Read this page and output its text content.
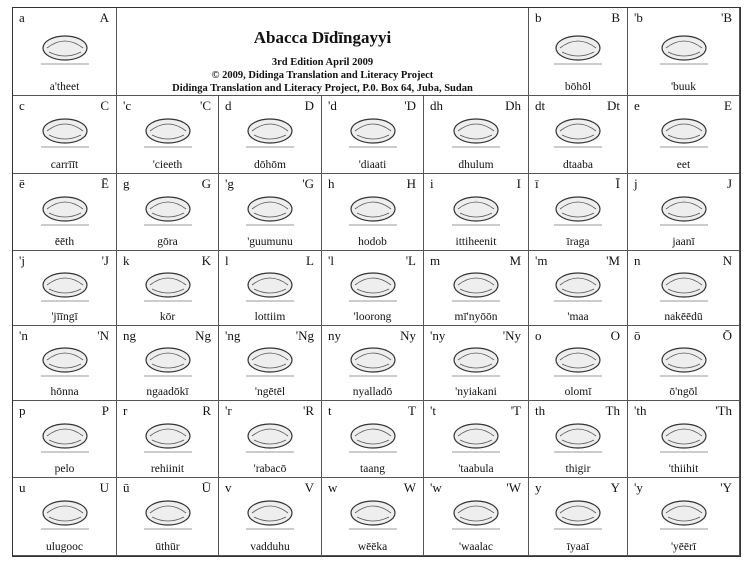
a	A
a'theet
Abacca Dīdīngayyi
3rd Edition April 2009
© 2009, Didinga Translation and Literacy Project
Didinga Translation and Literacy Project, P.0. Box 64, Juba, Sudan
b	B
bōhōl
'b	'B
'buuk
c	C
carrīīt
'c	'C
'cieeth
d	D
dōhōm
'd	'D
'diaati
dh	Dh
dhulum
dt	Dt
dtaaba
e	E
eet
ē	Ē
ēēth
g	G
gōra
'g	'G
'guumunu
h	H
hodob
i	I
ittiheenit
ī	Ī
īraga
j	J
jaanī
'j	'J
'jīīngī
k	K
kōr
l	L
lottiim
'l	'L
'loorong
m	M
mī'nyōōn
'm	'M
'maa
n	N
nakēēdū
'n	'N
hōnna
ng	Ng
ngaadōkī
'ng	'Ng
'ngētēl
ny	Ny
nyalladō
'ny	'Ny
'nyiakani
o	O
olomī
ō	Ō
ō'ngōl
p	P
pelo
r	R
rehiinit
'r	'R
'rabacō
t	T
taang
't	'T
'taabula
th	Th
thigir
'th	'Th
'thiihit
u	U
ulugooc
ū	Ū
ūthūr
v	V
vadduhu
w	W
wēēka
'w	'W
'waalac
y	Y
īyaaī
'y	'Y
'yēērī
